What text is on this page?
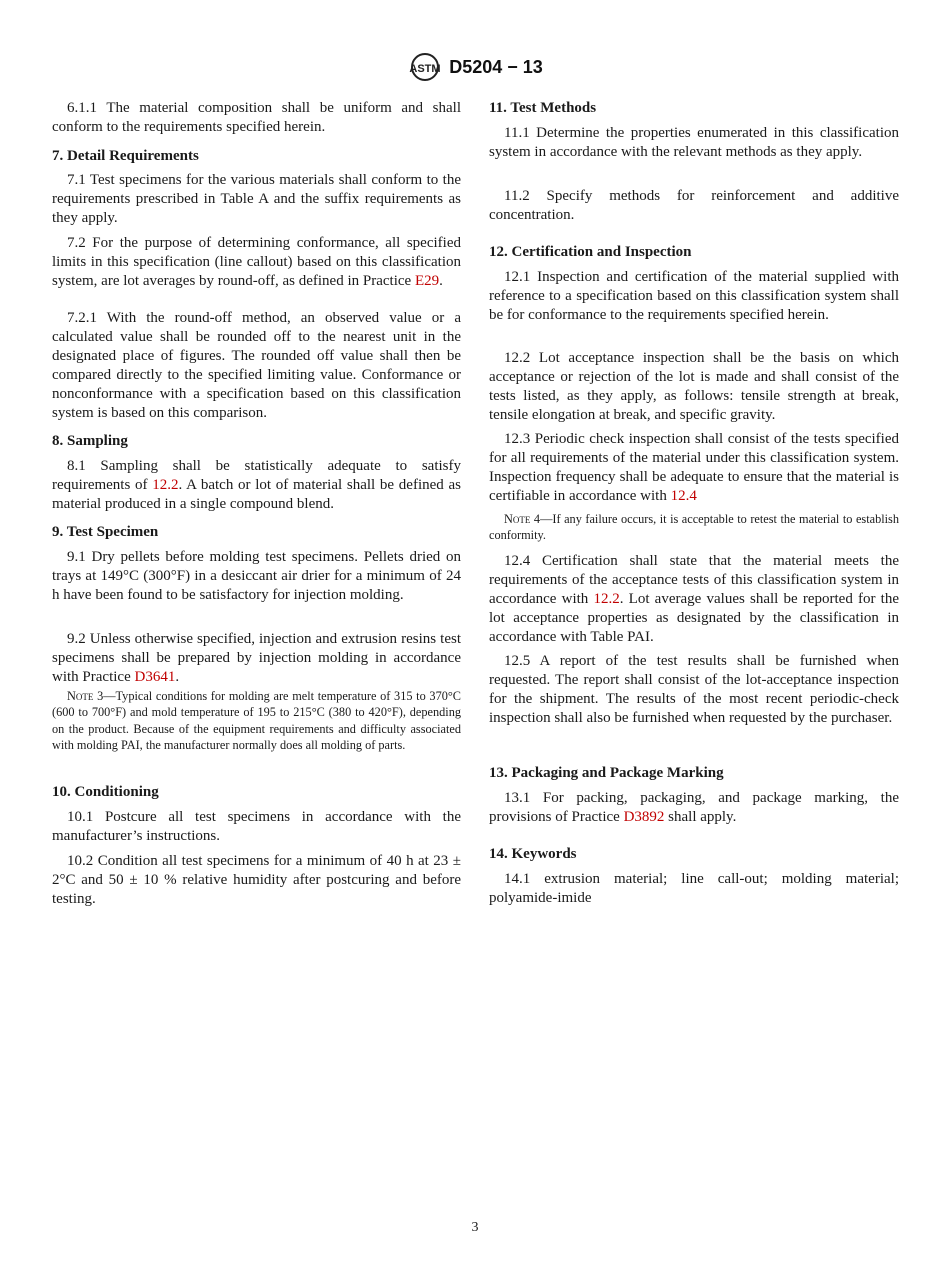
ASTM D5204 − 13

6.1.1 The material composition shall be uniform and shall conform to the requirements specified herein.

7. Detail Requirements

7.1 Test specimens for the various materials shall conform to the requirements prescribed in Table A and the suffix requirements as they apply.

7.2 For the purpose of determining conformance, all specified limits in this specification (line callout) based on this classification system, are lot averages by round-off, as defined in Practice E29.

7.2.1 With the round-off method, an observed value or a calculated value shall be rounded off to the nearest unit in the designated place of figures. The rounded off value shall then be compared directly to the specified limiting value. Conformance or nonconformance with a specification based on this classification system is based on this comparison.

8. Sampling

8.1 Sampling shall be statistically adequate to satisfy requirements of 12.2. A batch or lot of material shall be defined as material produced in a single compound blend.

9. Test Specimen

9.1 Dry pellets before molding test specimens. Pellets dried on trays at 149°C (300°F) in a desiccant air drier for a minimum of 24 h have been found to be satisfactory for injection molding.

9.2 Unless otherwise specified, injection and extrusion resins test specimens shall be prepared by injection molding in accordance with Practice D3641.

Note 3—Typical conditions for molding are melt temperature of 315 to 370°C (600 to 700°F) and mold temperature of 195 to 215°C (380 to 420°F), depending on the product. Because of the equipment requirements and difficulty associated with molding PAI, the manufacturer normally does all molding of parts.

10. Conditioning

10.1 Postcure all test specimens in accordance with the manufacturer’s instructions.

10.2 Condition all test specimens for a minimum of 40 h at 23 ± 2°C and 50 ± 10 % relative humidity after postcuring and before testing.

11. Test Methods

11.1 Determine the properties enumerated in this classification system in accordance with the relevant methods as they apply.

11.2 Specify methods for reinforcement and additive concentration.

12. Certification and Inspection

12.1 Inspection and certification of the material supplied with reference to a specification based on this classification system shall be for conformance to the requirements specified herein.

12.2 Lot acceptance inspection shall be the basis on which acceptance or rejection of the lot is made and shall consist of the tests listed, as they apply, as follows: tensile strength at break, tensile elongation at break, and specific gravity.

12.3 Periodic check inspection shall consist of the tests specified for all requirements of the material under this classification system. Inspection frequency shall be adequate to ensure that the material is certifiable in accordance with 12.4

Note 4—If any failure occurs, it is acceptable to retest the material to establish conformity.

12.4 Certification shall state that the material meets the requirements of the acceptance tests of this classification system in accordance with 12.2. Lot average values shall be reported for the lot acceptance properties as designated by the classification in accordance with Table PAI.

12.5 A report of the test results shall be furnished when requested. The report shall consist of the lot-acceptance inspection for the shipment. The results of the most recent periodic-check inspection shall also be furnished when requested by the purchaser.

13. Packaging and Package Marking

13.1 For packing, packaging, and package marking, the provisions of Practice D3892 shall apply.

14. Keywords

14.1 extrusion material; line call-out; molding material; polyamide-imide

3
